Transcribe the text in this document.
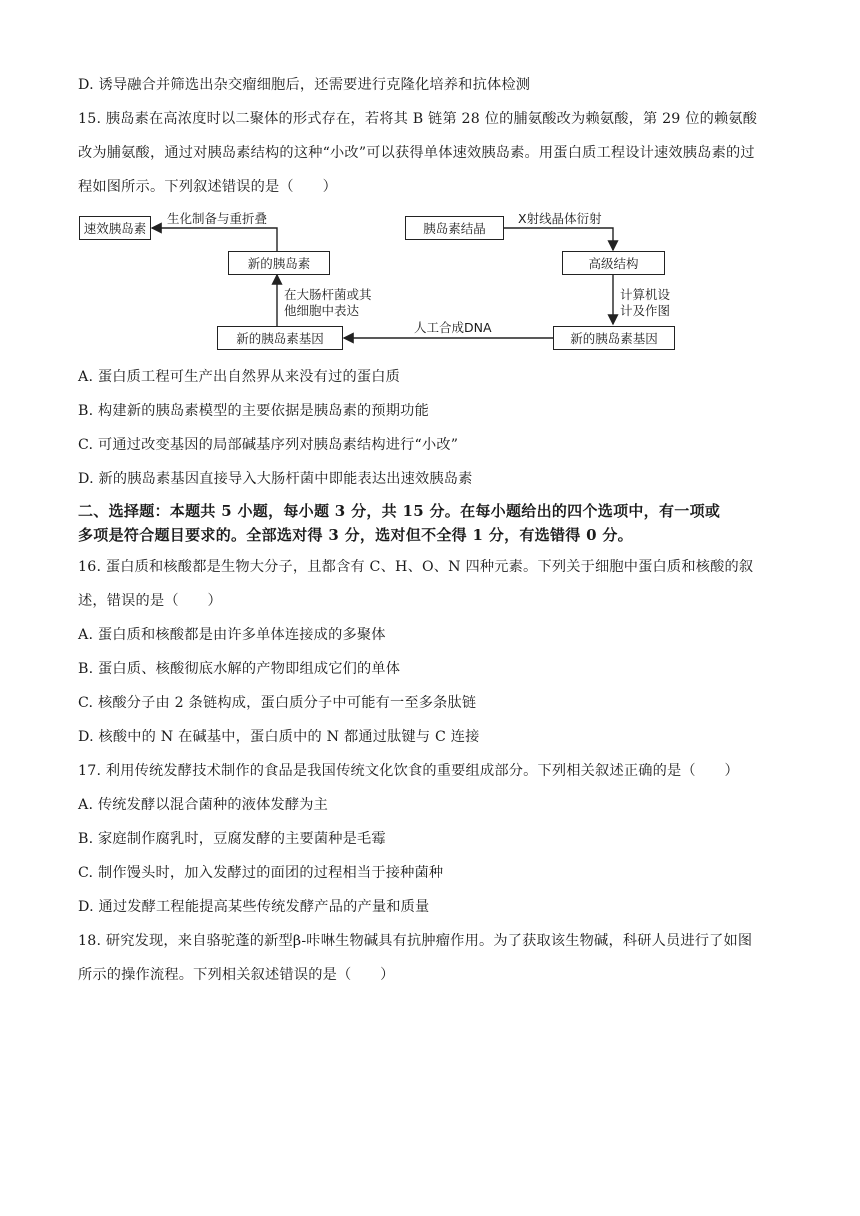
D. 诱导融合并筛选出杂交瘤细胞后，还需要进行克隆化培养和抗体检测
15. 胰岛素在高浓度时以二聚体的形式存在，若将其 B 链第 28 位的脯氨酸改为赖氨酸，第 29 位的赖氨酸
改为脯氨酸，通过对胰岛素结构的这种“小改”可以获得单体速效胰岛素。用蛋白质工程设计速效胰岛素的过
程如图所示。下列叙述错误的是（　　）
速效胰岛素
新的胰岛素
新的胰岛素基因
胰岛素结晶
高级结构
新的胰岛素基因
生化制备与重折叠
在大肠杆菌或其
他细胞中表达
X射线晶体衍射
计算机设
计及作图
人工合成DNA
A. 蛋白质工程可生产出自然界从来没有过的蛋白质
B. 构建新的胰岛素模型的主要依据是胰岛素的预期功能
C. 可通过改变基因的局部碱基序列对胰岛素结构进行“小改”
D. 新的胰岛素基因直接导入大肠杆菌中即能表达出速效胰岛素
二、选择题：本题共 5 小题，每小题 3 分，共 15 分。在每小题给出的四个选项中，有一项或
多项是符合题目要求的。全部选对得 3 分，选对但不全得 1 分，有选错得 0 分。
16. 蛋白质和核酸都是生物大分子，且都含有 C、H、O、N 四种元素。下列关于细胞中蛋白质和核酸的叙
述，错误的是（　　）
A. 蛋白质和核酸都是由许多单体连接成的多聚体
B. 蛋白质、核酸彻底水解的产物即组成它们的单体
C. 核酸分子由 2 条链构成，蛋白质分子中可能有一至多条肽链
D. 核酸中的 N 在碱基中，蛋白质中的 N 都通过肽键与 C 连接
17. 利用传统发酵技术制作的食品是我国传统文化饮食的重要组成部分。下列相关叙述正确的是（　　）
A. 传统发酵以混合菌种的液体发酵为主
B. 家庭制作腐乳时，豆腐发酵的主要菌种是毛霉
C. 制作馒头时，加入发酵过的面团的过程相当于接种菌种
D. 通过发酵工程能提高某些传统发酵产品的产量和质量
18. 研究发现，来自骆驼蓬的新型β-咔啉生物碱具有抗肿瘤作用。为了获取该生物碱，科研人员进行了如图
所示的操作流程。下列相关叙述错误的是（　　）
